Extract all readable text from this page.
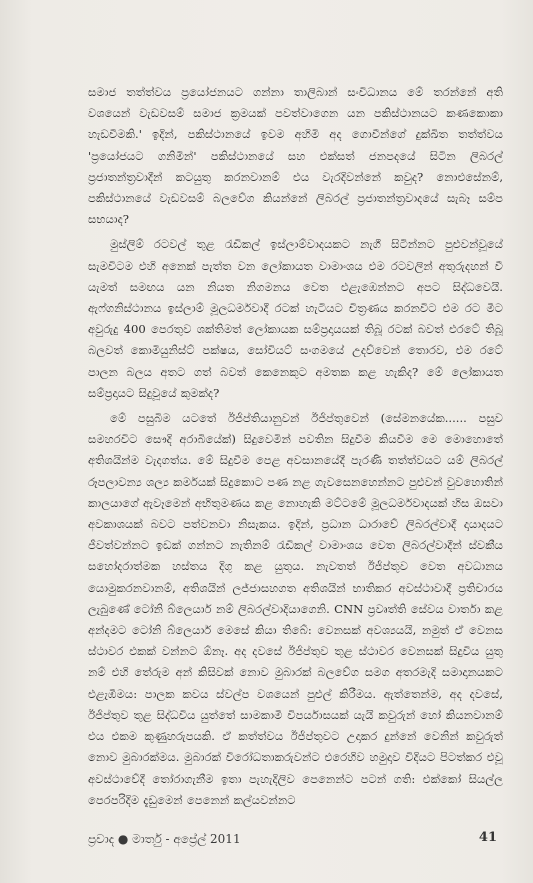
සමාජ තත්ත්වය ප්‍රයෝජනයට ගන්නා තාලිබාන් සංවිධානය මේ තරන්නේ අති වශයෙන් වැඩවසම් සමාජ ක්‍රමයක් පවත්වාගෙන යන පකිස්ථානයට කණකොකා හැඩවීමකි.' ඉදින්, පකිස්ථානයේ ඉවම අහිමි අද ගොවීන්ගේ දුක්ඛිත තත්ත්වය 'ප්‍රයෝජයට ගනිමින්' පකිස්ථානයේ සහ එක්සත් ජනපදයේ සිටින ලිබරල් ප්‍රජාතන්ත්‍රවාදීන් කටයුතු කරනවානම් එය වැරදිවන්නේ කවුද? නොඑසේනම්, පකිස්ථානයේ වැඩවසම් බලවේග කියන්නේ ලිබරල් ප්‍රජාතන්ත්‍රවාදයේ සැබෑ සම්ප සභයාද?

මුස්ලිම් රටවල් තුළ රැඩිකල් ඉස්ලාම්වාදයකට නැගී සිටින්නට පුළුවන්වූයේ සැමවිටම එහි අනෙක් පැත්ත වන ලෝකායත වාමාංශය එම රටවලින් අතුරුදහන් වී යැමත් සමඟය යන නියත නිගමනය වෙත එළැඹෙන්නට අපට සිද්ධවෙයි. ඇෆ්ගනිස්ථානය ඉස්ලාම් මූලධර්මවාදී රටක් හැටියට චිත්‍රණය කරනවිට එම රට මීට අවුරුදු 400 පෙරතුව ශක්තිමත් ලෝකායක සම්ප්‍රදායයක් තිබූ රටක් බවත් එරටේ තිබූ බලවත් කොමියුනිස්ට් පක්ෂය, සෝවියට් සංගමයේ උදව්වෙන් තොරව, එම රටේ පාලන බලය අතට ගත් බවත් කෙනෙකුට අමතක කළ හැකිද? මේ ලෝකායත සම්ප්‍රදායට සිදුවූයේ කුමක්ද?

මේ පසුබිම යටතේ ඊජිප්තියානුවන් ඊජිප්තුවෙන් (සේමනයේක...... පසුව සමහරවිට සෞදි අරාබියේක්) සිදුවෙමින් පවතින සිදුවීම කියවීම මෙ මොහොතේ අතිශයින්ම වැදගත්ය. මේ සිදුවීම පෙළ අවසානයේදී පැරණි තත්ත්වයට යම් ලිබරල් රූපලාවන්‍ය ශල්‍ය කර්මයක් සිදුකොට පණ නළ ගැවසෙනහෙන්නට පුළුවන් වුවහොතින් කාලයාගේ ඇවෑමෙන් අභිතුමණය කළ නොහැකි මට්ටමේ මූලධර්මවාදයක් හිස ඔසවා අවකාශයක් බවට පත්වනවා නිසැකය. ඉදින්, ප්‍රධාන ධාරාවේ ලිබරල්වාදී දායාදයට ජීවත්වන්නට ඉඩක් ගන්නට නැතිනම් රැඩිකල් වාමාංශය වෙත ලිබරල්වාදීන් ස්වකීය සහෝදරාත්මක හස්තය දිගු කළ යුතුය. නැවතත් ඊජිප්තුව වෙත අවධානය යොමුකරනවානම්, අතිශයින් ලජ්ජාසහගත අතිශයින් භාතිකර අවස්ථාවාදී ප්‍රතිචාරය ලැබුණේ ටෝනි බ්ලෙයාර් නම් ලිබරල්වාදියාගෙනි. CNN ප්‍රවෘත්ති සේවය වාර්තා කළ අන්දමට ටෝනි බ්ලෙයාර් මෙසේ කියා තිබේ: වෙනසක් අවශ්‍යයයි, නමුත් ඒ වෙනස ස්ථාවර එකක් වන්නට ඕනෑ. අද දවසේ ඊජිප්තුව තුළ ස්ථාවර වෙනසක් සිදුවිය යුතු නම් එහි තේරුම අන් කිසිවක් නොව මුබාරක් බලවේග සමග අතරමැදි සමාදානයකට එළැඹීමය: පාලක කවය ස්වල්ප වශයෙන් පුළුල් කිරීමය. ඇත්තෙන්ම, අද දවසේ, ඊජිප්තුව තුළ සිද්ධවිය යුත්තේ සාමකාමී විපර්යාසයක් යැයි කවුරුන් හෝ කියනවානම් එය එකම කුණුහරුපයකි. ඒ කත්ත්වය ඊජිප්තුවට උදාකර දුන්නේ වෙනින් කවුරුත් නොව මුබාරක්මය. මුබාරක් විරෝධතාකරුවන්ට එරෙහිව හමුදාව විදියට පිටත්කර එවූ අවස්ථාවේදී තෝරාගැනීම ඉතා පැහැදිලිව පෙනෙන්ට පටන් ගති: එක්කෝ සියල්ල පෙරපරිදිම දැඩුමෙන් පෙනෙන් කල්යවන්නට

ප්‍රවාද ● මාර්තු - අප්‍රේල් 2011	41
